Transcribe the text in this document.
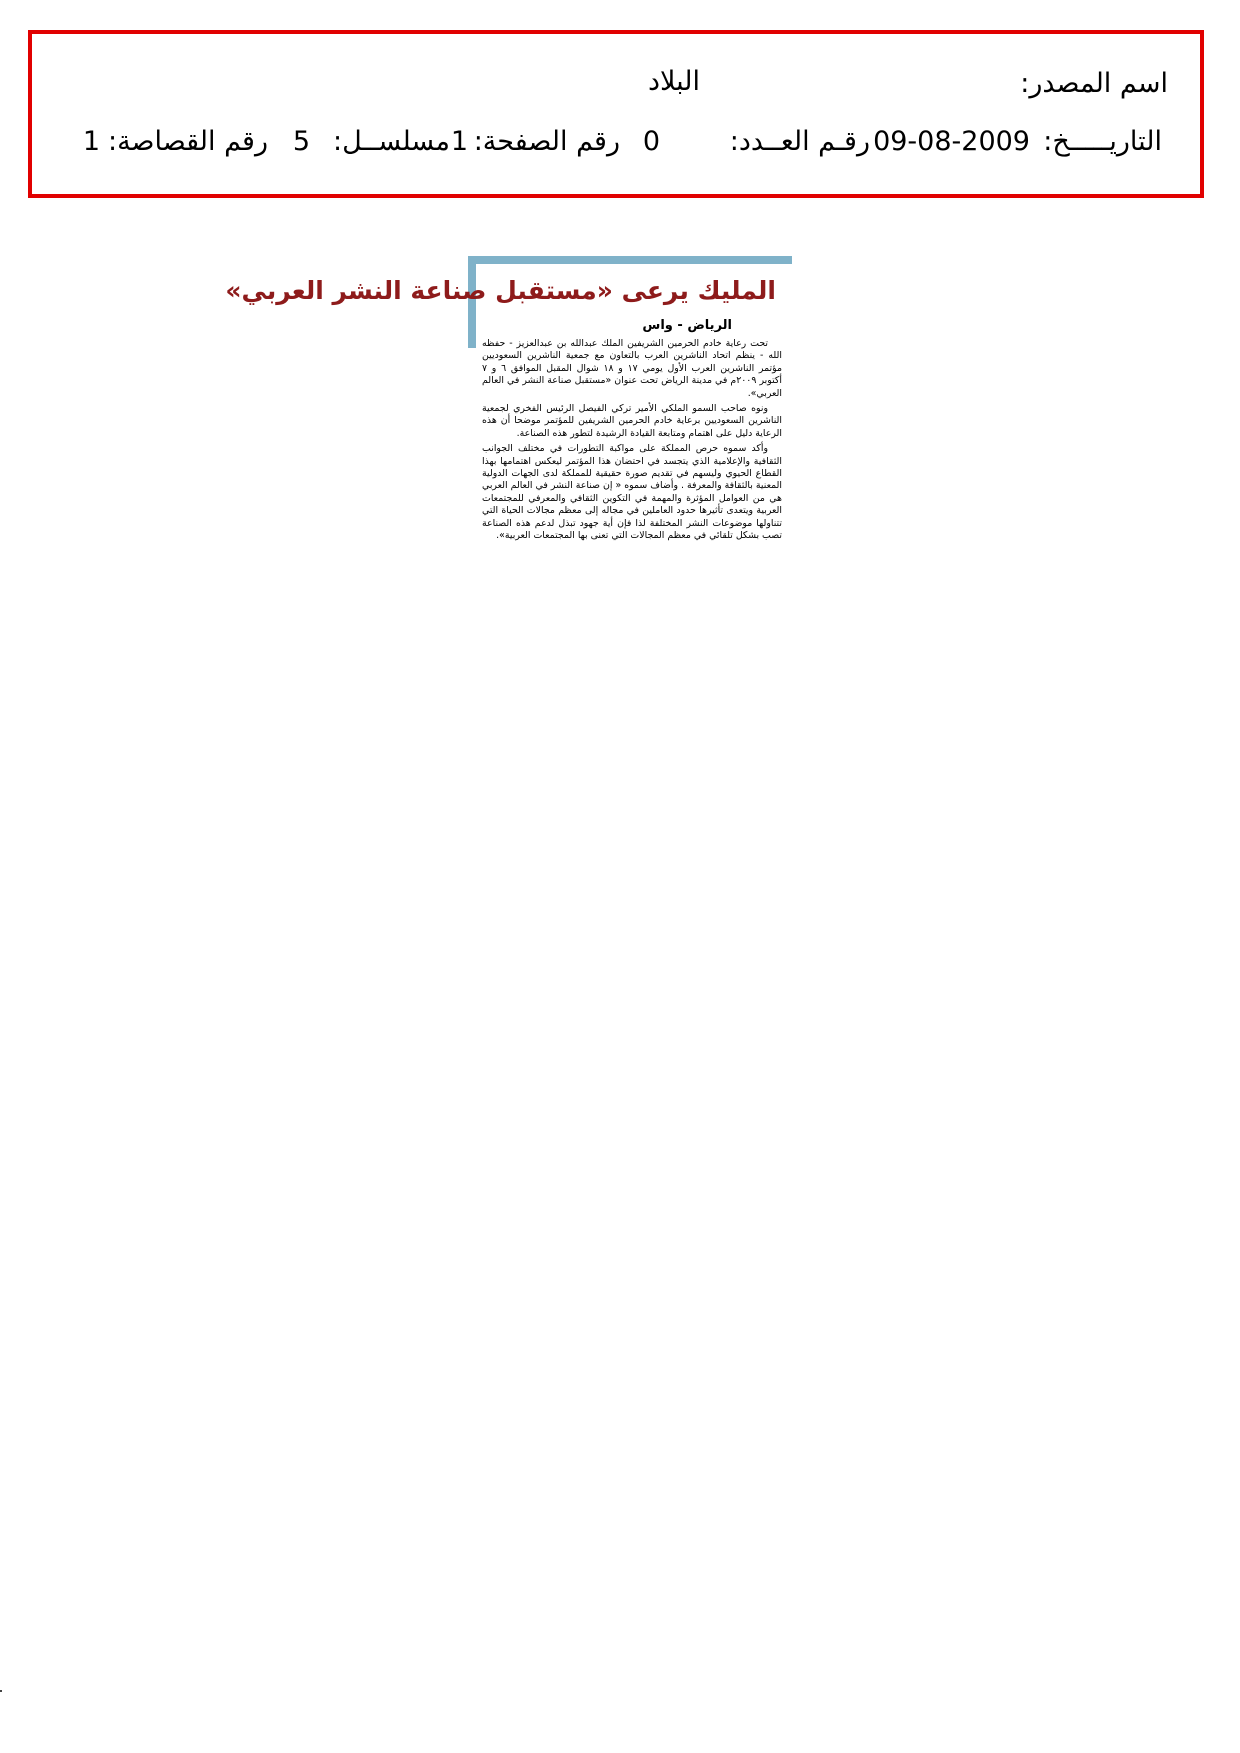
اسم المصدر:
البلاد
التاريـــــخ:
09-08-2009
رقـم العــدد:
0
رقم الصفحة:
1
مسلســل:
5
رقم القصاصة:
1
المليك يرعى «مستقبل صناعة النشر العربي»
الرياض - واس

تحت رعاية خادم الحرمين الشريفين الملك عبدالله بن عبدالعزيز - حفظه الله - ينظم اتحاد الناشرين العرب بالتعاون مع جمعية الناشرين السعوديين مؤتمر الناشرين العرب الأول يومي ١٧ و ١٨ شوال المقبل الموافق ٦ و ٧ أكتوبر ٢٠٠٩م في مدينة الرياض تحت عنوان «مستقبل صناعة النشر في العالم العربي».

ونوه صاحب السمو الملكي الأمير تركي الفيصل الرئيس الفخري لجمعية الناشرين السعوديين برعاية خادم الحرمين الشريفين للمؤتمر موضحا أن هذه الرعاية دليل على اهتمام ومتابعة القيادة الرشيدة لتطور هذه الصناعة.

وأكد سموه حرص المملكة على مواكبة التطورات في مختلف الجوانب الثقافية والإعلامية الذي يتجسد في احتضان هذا المؤتمر ليعكس اهتمامها بهذا القطاع الحيوي وليسهم في تقديم صورة حقيقية للمملكة لدى الجهات الدولية المعنية بالثقافة والمعرفة . وأضاف سموه « إن صناعة النشر في العالم العربي هي من العوامل المؤثرة والمهمة في التكوين الثقافي والمعرفي للمجتمعات العربية ويتعدى تأثيرها حدود العاملين في مجاله إلى معظم مجالات الحياة التي تتناولها موضوعات النشر المختلفة لذا فإن أية جهود تبذل لدعم هذه الصناعة تصب بشكل تلقائي في معظم المجالات التي تعنى بها المجتمعات العربية».
